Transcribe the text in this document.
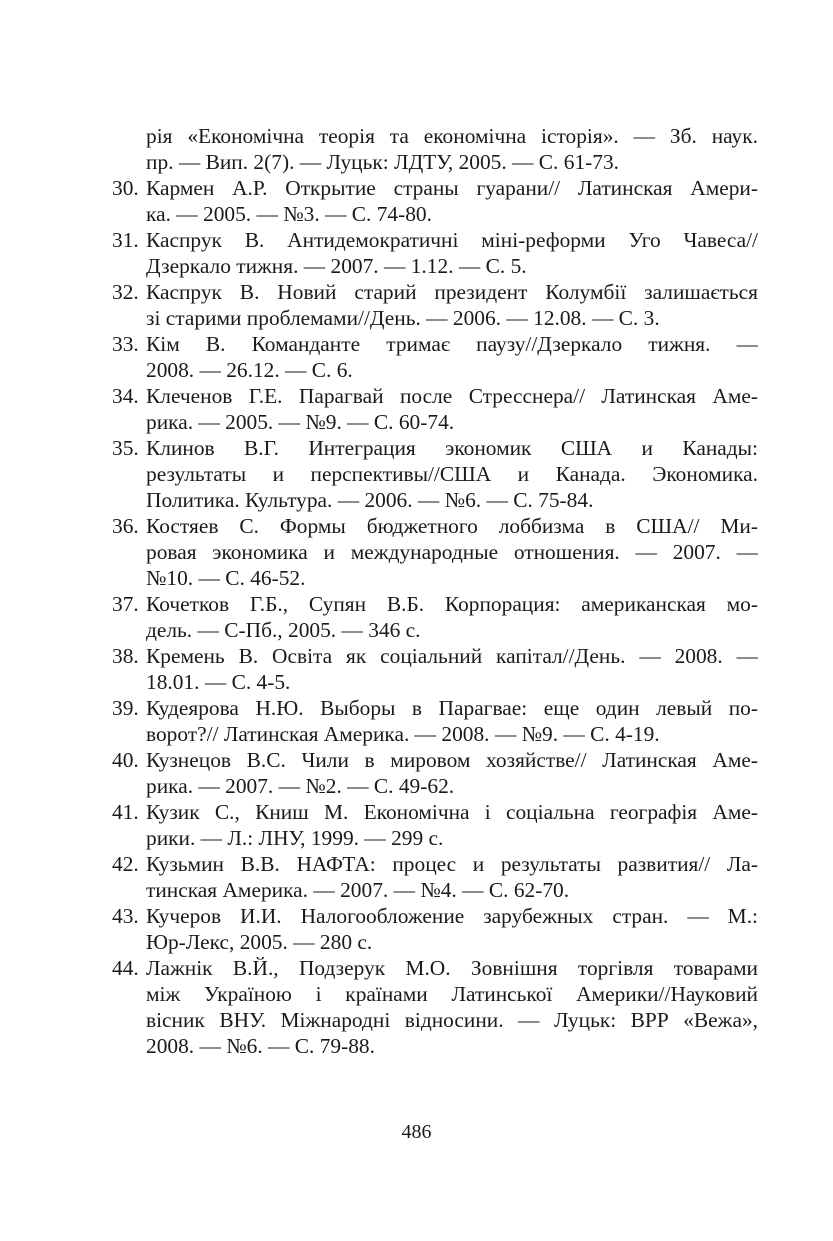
рія «Економічна теорія та економічна історія». — Зб. наук.
пр. — Вип. 2(7). — Луцьк: ЛДТУ, 2005. — С. 61-73.
30. Кармен А.Р. Открытие страны гуарани// Латинская Амери-
ка. — 2005. — №3. — С. 74-80.
31. Каспрук В. Антидемократичні міні-реформи Уго Чавеса//
Дзеркало тижня. — 2007. — 1.12. — С. 5.
32. Каспрук В. Новий старий президент Колумбії залишається
зі старими проблемами//День. — 2006. — 12.08. — С. 3.
33. Кім В. Команданте тримає паузу//Дзеркало тижня. —
2008. — 26.12. — С. 6.
34. Клеченов Г.Е. Парагвай после Стресснера// Латинская Аме-
рика. — 2005. — №9. — С. 60-74.
35. Клинов В.Г. Интеграция экономик США и Канады:
результаты и перспективы//США и Канада. Экономика.
Политика. Культура. — 2006. — №6. — С. 75-84.
36. Костяев С. Формы бюджетного лоббизма в США// Ми-
ровая экономика и международные отношения. — 2007. —
№10. — С. 46-52.
37. Кочетков Г.Б., Супян В.Б. Корпорация: американская мо-
дель. — С-Пб., 2005. — 346 с.
38. Кремень В. Освіта як соціальний капітал//День. — 2008. —
18.01. — С. 4-5.
39. Кудеярова Н.Ю. Выборы в Парагвае: еще один левый по-
ворот?// Латинская Америка. — 2008. — №9. — С. 4-19.
40. Кузнецов В.С. Чили в мировом хозяйстве// Латинская Аме-
рика. — 2007. — №2. — С. 49-62.
41. Кузик С., Книш М. Економічна і соціальна географія Аме-
рики. — Л.: ЛНУ, 1999. — 299 с.
42. Кузьмин В.В. НАФТА: процес и результаты развития// Ла-
тинская Америка. — 2007. — №4. — С. 62-70.
43. Кучеров И.И. Налогообложение зарубежных стран. — М.:
Юр-Лекс, 2005. — 280 с.
44. Лажнік В.Й., Подзерук М.О. Зовнішня торгівля товарами
між Україною і країнами Латинської Америки//Науковий
вісник ВНУ. Міжнародні відносини. — Луцьк: ВРР «Вежа»,
2008. — №6. — С. 79-88.
486
